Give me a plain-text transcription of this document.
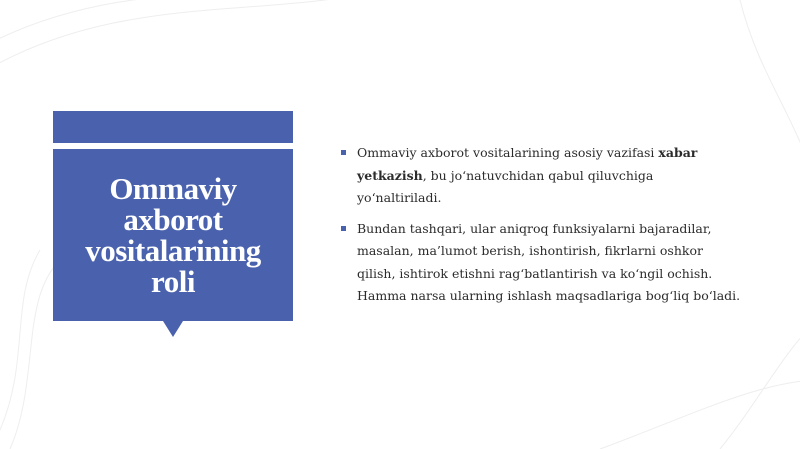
Ommaviy axborot vositalarining roli
Ommaviy axborot vositalarining asosiy vazifasi xabar yetkazish, bu jo‘natuvchidan qabul qiluvchiga yo‘naltiriladi.
Bundan tashqari, ular aniqroq funksiyalarni bajaradilar, masalan, ma’lumot berish, ishontirish, fikrlarni oshkor qilish, ishtirok etishni rag‘batlantirish va ko‘ngil ochish. Hamma narsa ularning ishlash maqsadlariga bog‘liq bo‘ladi.
